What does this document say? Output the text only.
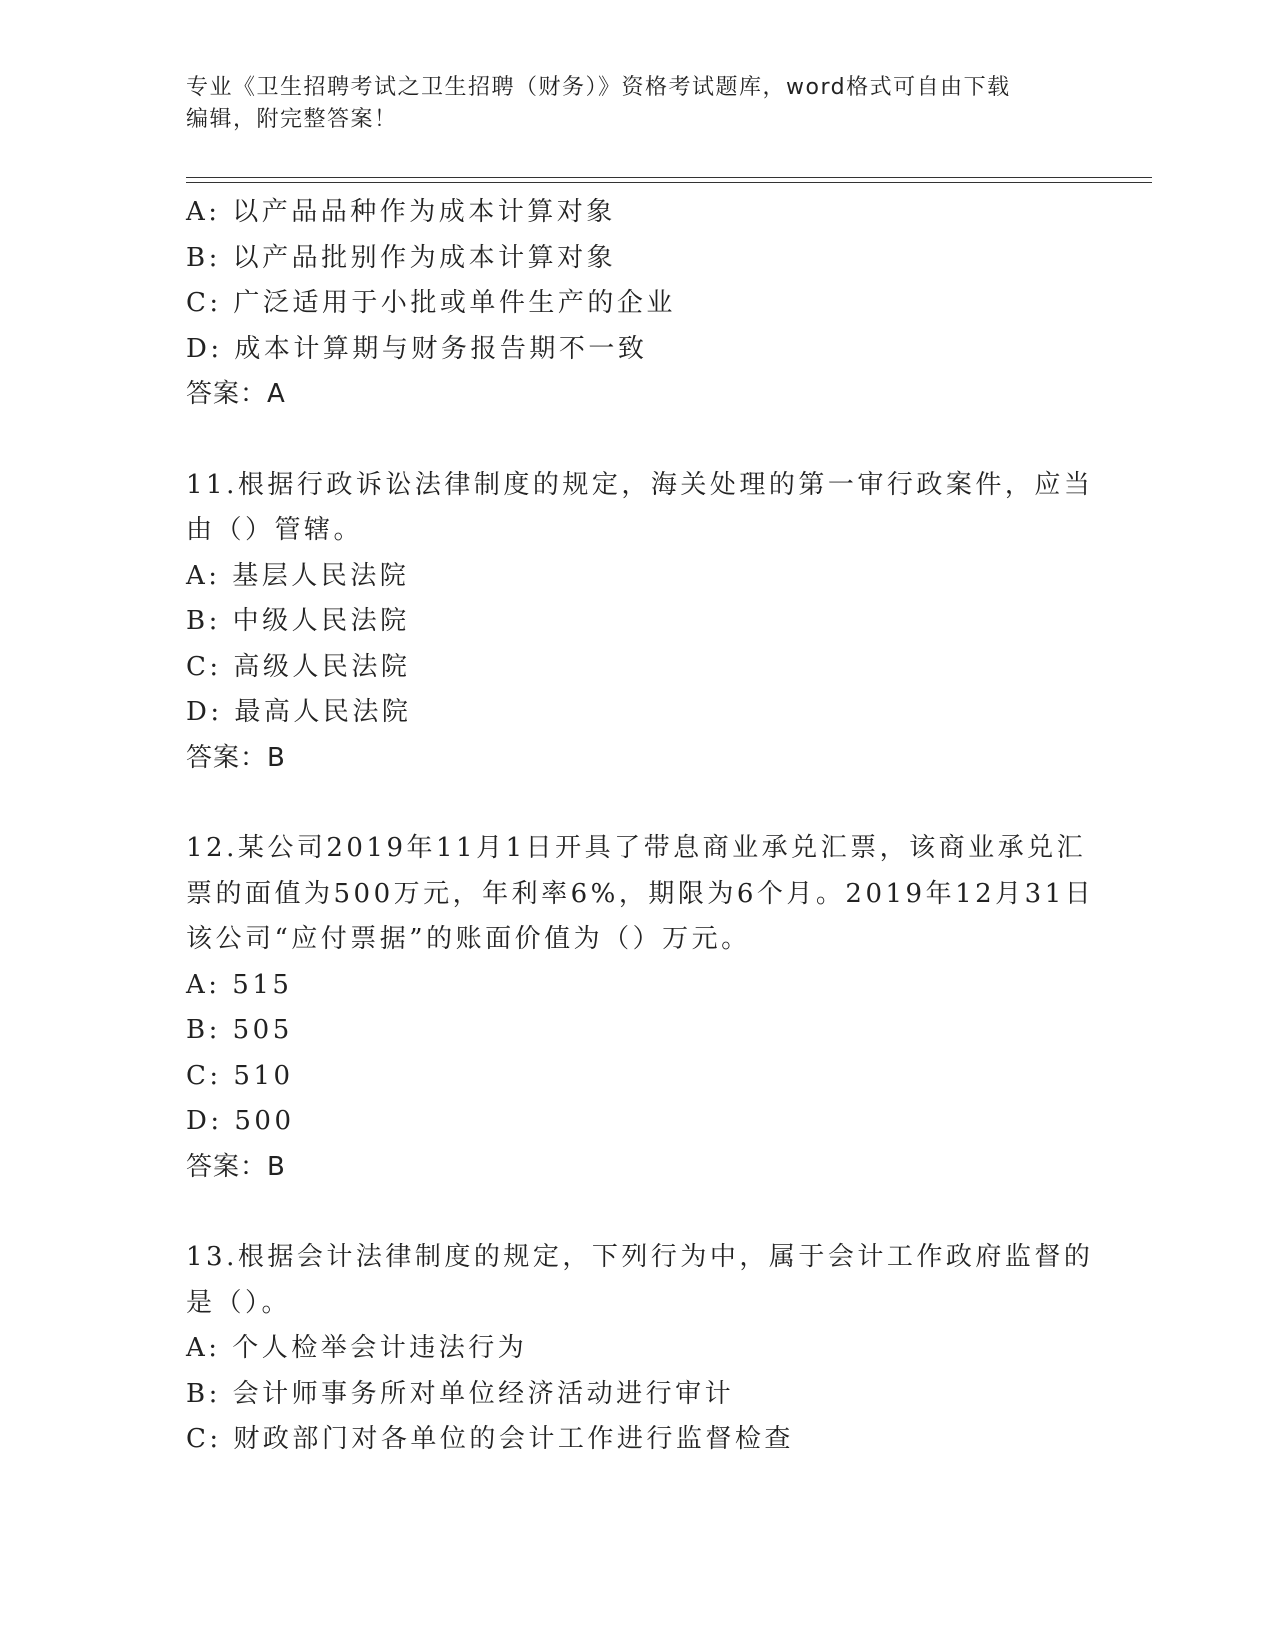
专业《卫生招聘考试之卫生招聘（财务）》资格考试题库，word格式可自由下载
编辑，附完整答案！
A: 以产品品种作为成本计算对象
B: 以产品批别作为成本计算对象
C: 广泛适用于小批或单件生产的企业
D: 成本计算期与财务报告期不一致
答案：A
11.根据行政诉讼法律制度的规定，海关处理的第一审行政案件，应当
由（）管辖。
A: 基层人民法院
B: 中级人民法院
C: 高级人民法院
D: 最高人民法院
答案：B
12.某公司2019年11月1日开具了带息商业承兑汇票，该商业承兑汇
票的面值为500万元，年利率6%，期限为6个月。2019年12月31日
该公司“应付票据”的账面价值为（）万元。
A: 515
B: 505
C: 510
D: 500
答案：B
13.根据会计法律制度的规定，下列行为中，属于会计工作政府监督的
是（）。
A: 个人检举会计违法行为
B: 会计师事务所对单位经济活动进行审计
C: 财政部门对各单位的会计工作进行监督检查
